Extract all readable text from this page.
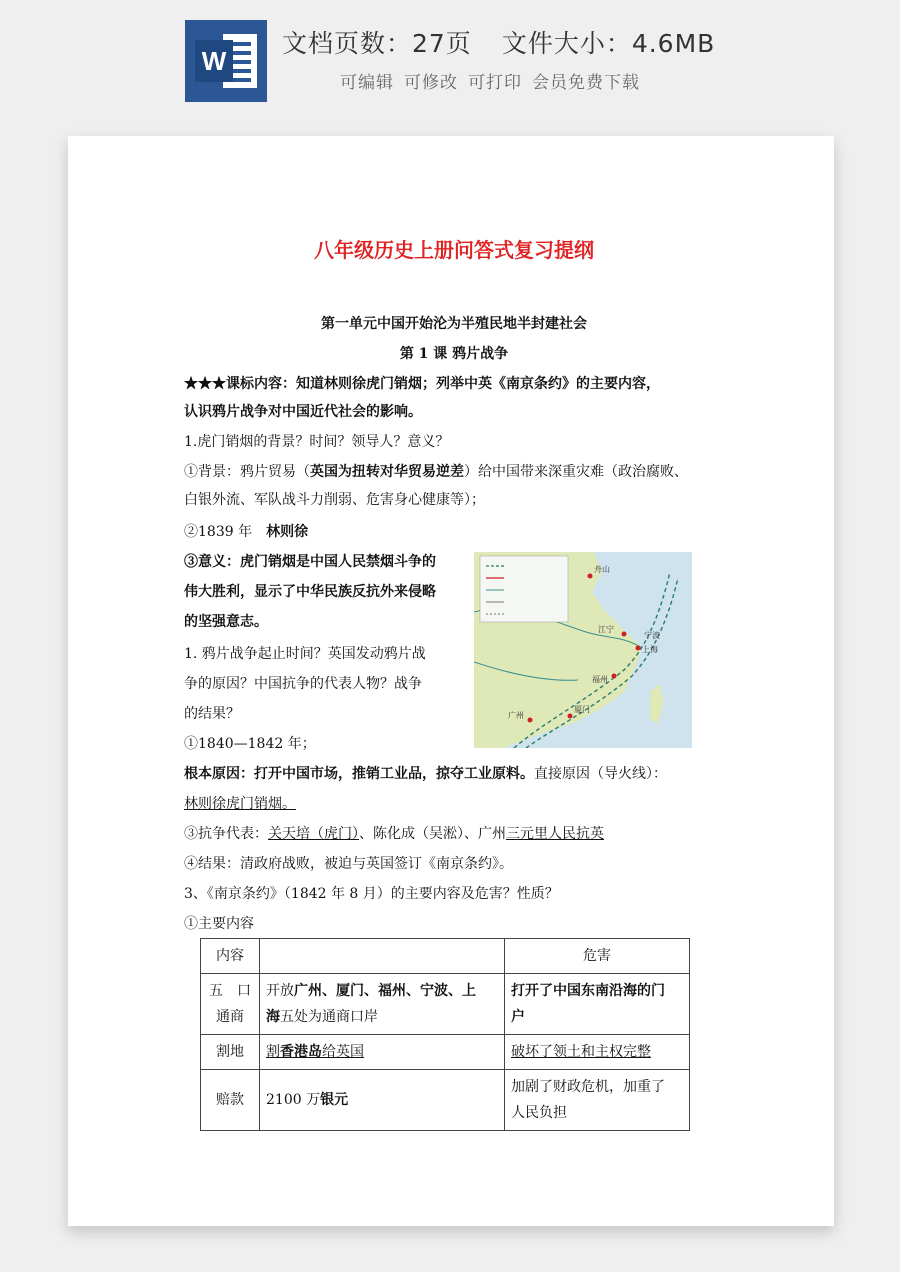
W
文档页数：27页 文件大小：4.6MB
可编辑 可修改 可打印 会员免费下载
八年级历史上册问答式复习提纲
第一单元中国开始沦为半殖民地半封建社会
第 1 课 鸦片战争
★★★课标内容：知道林则徐虎门销烟；列举中英《南京条约》的主要内容，
认识鸦片战争对中国近代社会的影响。
1.虎门销烟的背景？时间？领导人？意义？
①背景：鸦片贸易（英国为扭转对华贸易逆差）给中国带来深重灾难（政治腐败、
白银外流、军队战斗力削弱、危害身心健康等）；
②1839 年　 林则徐
③意义：虎门销烟是中国人民禁烟斗争的
伟大胜利，显示了中华民族反抗外来侵略
的坚强意志。
1. 鸦片战争起止时间？英国发动鸦片战
争的原因？中国抗争的代表人物？战争
的结果？
①1840—1842 年；
根本原因：打开中国市场，推销工业品，掠夺工业原料。直接原因（导火线）：
林则徐虎门销烟。
③抗争代表：关天培（虎门）、陈化成（吴淞）、广州三元里人民抗英
④结果：清政府战败，被迫与英国签订《南京条约》。
3、《南京条约》（1842 年 8 月）的主要内容及危害？性质？
①主要内容
江宁
上海
福州
广州
厦门
宁波
舟山
内容		危害
五　口
通商	开放广州、厦门、福州、宁波、上
海五处为通商口岸	打开了中国东南沿海的门
户
割地	割香港岛给英国	破坏了领土和主权完整
赔款	2100 万银元	加剧了财政危机，加重了
人民负担
